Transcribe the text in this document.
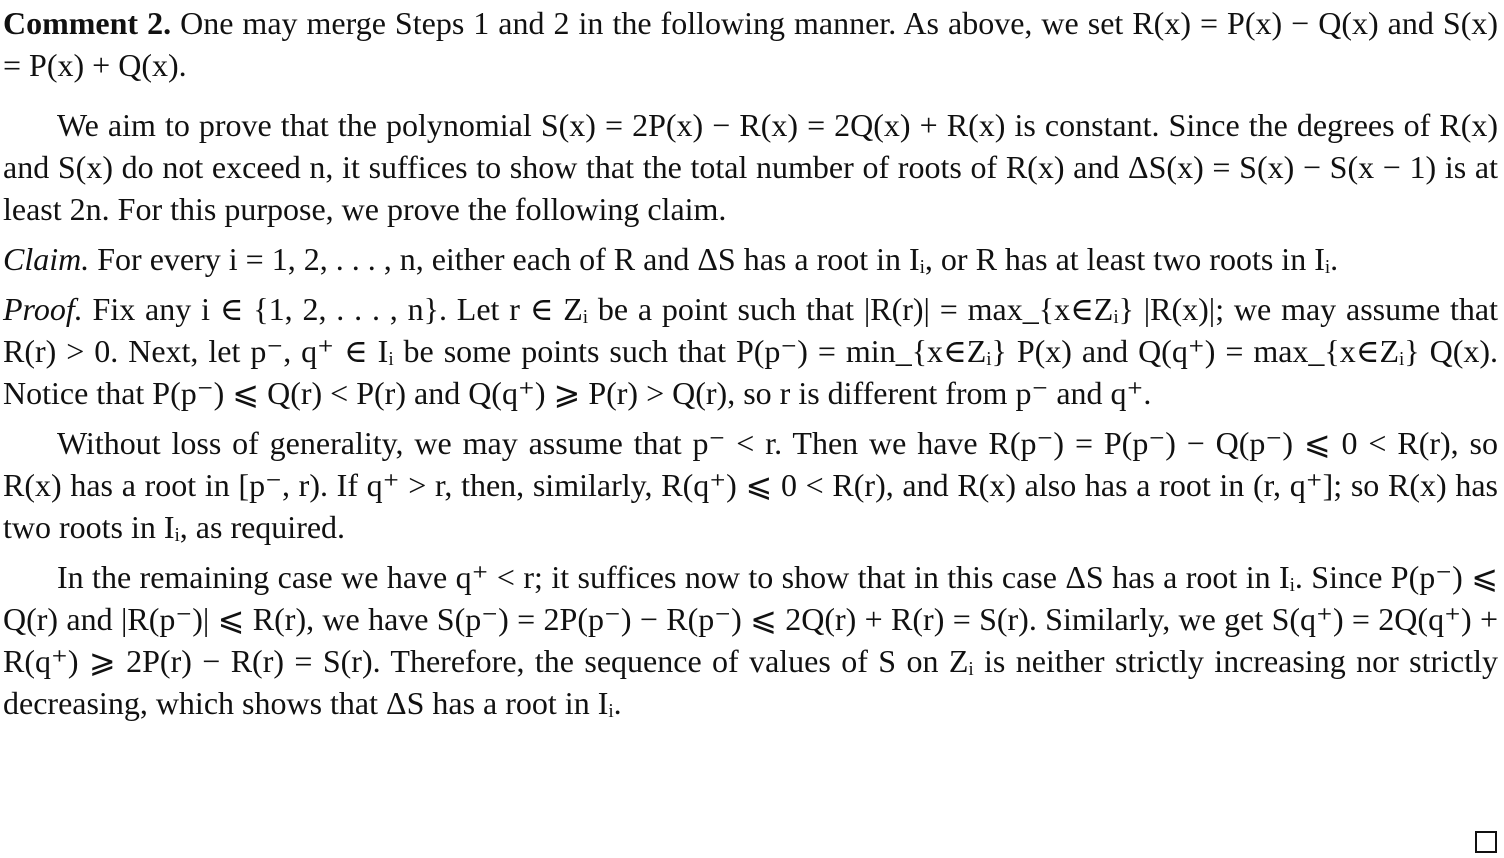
Comment 2. One may merge Steps 1 and 2 in the following manner. As above, we set R(x) = P(x) − Q(x) and S(x) = P(x) + Q(x).

We aim to prove that the polynomial S(x) = 2P(x) − R(x) = 2Q(x) + R(x) is constant. Since the degrees of R(x) and S(x) do not exceed n, it suffices to show that the total number of roots of R(x) and ΔS(x) = S(x) − S(x − 1) is at least 2n. For this purpose, we prove the following claim.

Claim. For every i = 1, 2, . . . , n, either each of R and ΔS has a root in Iᵢ, or R has at least two roots in Iᵢ.

Proof. Fix any i ∈ {1, 2, . . . , n}. Let r ∈ Zᵢ be a point such that |R(r)| = max_{x∈Zᵢ} |R(x)|; we may assume that R(r) > 0. Next, let p⁻, q⁺ ∈ Iᵢ be some points such that P(p⁻) = min_{x∈Zᵢ} P(x) and Q(q⁺) = max_{x∈Zᵢ} Q(x). Notice that P(p⁻) ⩽ Q(r) < P(r) and Q(q⁺) ⩾ P(r) > Q(r), so r is different from p⁻ and q⁺.

Without loss of generality, we may assume that p⁻ < r. Then we have R(p⁻) = P(p⁻) − Q(p⁻) ⩽ 0 < R(r), so R(x) has a root in [p⁻, r). If q⁺ > r, then, similarly, R(q⁺) ⩽ 0 < R(r), and R(x) also has a root in (r, q⁺]; so R(x) has two roots in Iᵢ, as required.

In the remaining case we have q⁺ < r; it suffices now to show that in this case ΔS has a root in Iᵢ. Since P(p⁻) ⩽ Q(r) and |R(p⁻)| ⩽ R(r), we have S(p⁻) = 2P(p⁻) − R(p⁻) ⩽ 2Q(r) + R(r) = S(r). Similarly, we get S(q⁺) = 2Q(q⁺) + R(q⁺) ⩾ 2P(r) − R(r) = S(r). Therefore, the sequence of values of S on Zᵢ is neither strictly increasing nor strictly decreasing, which shows that ΔS has a root in Iᵢ.
